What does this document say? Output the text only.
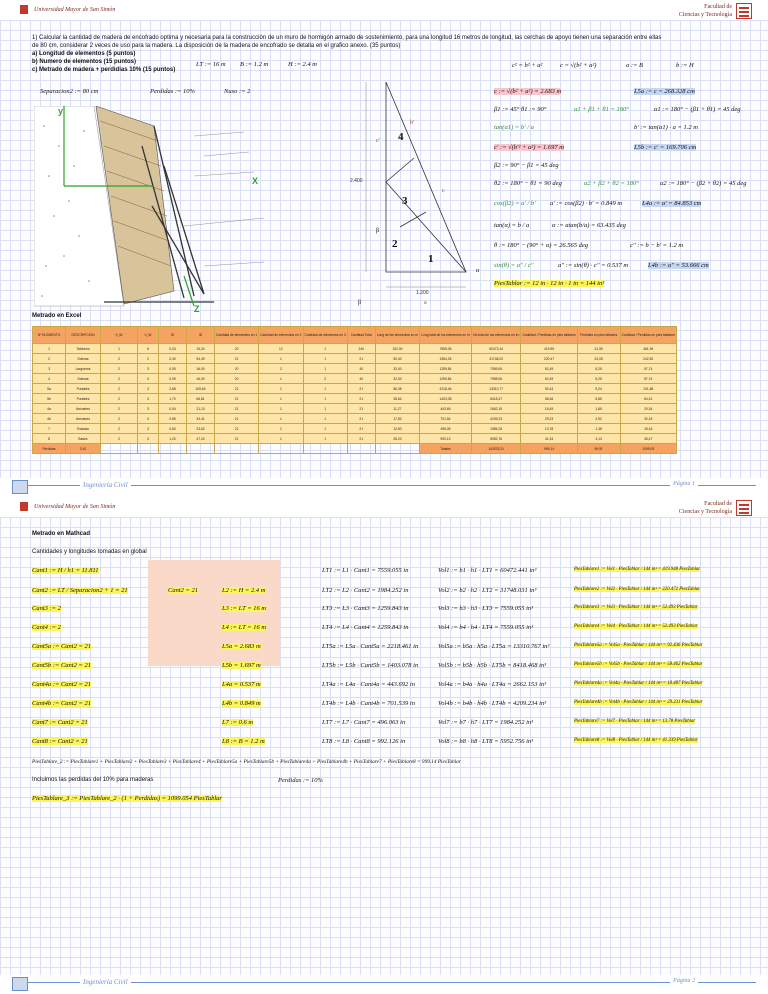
Universidad Mayor de San Simón	Facultad de
Ciencias y Tecnología
1) Calcular la cantidad de madera de encofrado optima y necesaria para la construcción de un muro de hormigón armado de sostenimiento, para una longitud 16 metros de longitud, las cerchas de apoyo tienen una separación entre ellas
de 80 cm, considerar 2 veces de uso para la madera. La disposición de la madera de encofrado se detalla en el grafico anexo. (35 puntos)
a) Longitud de elementos (5 puntos)
b) Numero de elementos (15 puntos)
c) Metrado de madera + perdidias 10% (15 puntos)
LT := 16 m B := 1.2 m	H := 2.4 m
Separacion2 := 80 cm	Perdidas := 10%	Nuso := 2
y
X
Z
2.400
1.200
4
3
2
1
c'
b'
c
a
β
α
β
c² = b² + a²	c = √(b² + a²)	a := B	b := H
c := √(b² + a²) = 2.683 m	L5a := c = 268.328 cm
β1 := 45° θ1 := 90°	α1 + β1 + θ1 = 180°	α1 := 180° − (β1 + θ1) = 45 deg
tan(α1) = b' / a	b' := tan(α1) · a = 1.2 m
c' := √(b'² + a²) = 1.697 m	L5b := c' = 169.706 cm
β2 := 90° − β1 = 45 deg
θ2 := 180° − θ1 = 90 deg	α2 + β2 + θ2 = 180°	α2 := 180° − (β2 + θ2) = 45 deg
cos(β2) = a' / b' a' := cos(β2) · b' = 0.849 m	L4a := a' = 84.853 cm
tan(α) = b / a	α := atan(b/a) = 63.435 deg
θ := 180° − (90° + α) = 26.565 deg	c'' := b − b' = 1.2 m
sin(θ) = a'' / c''	a'' := sin(θ) · c'' = 0.537 m	L4b := a'' = 53.666 cm
PiesTablar := 12 in · 12 in · 1 in = 144 in³
Metrado en Excel
Nº ELEMENTO	DESCRIPCION	h_W	h_W	ID	ID	Cantidad de elementos en 1	Cantidad de elementos en 2	Cantidad de elementos en 3	Cantidad Total	Long de los elementos en m	Long total de los elementos en m	Vol total de los elementos en in³	Cantidad / Perdidas en pies tablares	Perdidas en pies tablares	Cantidad / Perdidas en pies tablares
1	Tablones	1	6	0,03	15,24	20	12	1	240	192,00	7559,06	60472,44	419,95	41,99	461,94
2	Soleras	2	2	2,40	94,49	21	1	1	21	50,40	1984,25	31748,03	220,47	22,05	242,52
3	Largueros	2	3	0,05	16,00	20	2	1	40	32,00	1259,84	7559,06	52,49	5,25	57,74
4	Soleras	2	3	0,05	16,00	20	1	2	40	32,00	1259,84	7559,06	52,49	5,25	57,74
5a	Puntales	2	3	2,68	105,64	21	1	1	21	56,35	2218,46	13310,77	92,44	9,24	101,68
5b	Puntales	2	3	1,70	66,81	21	1	1	21	35,64	1403,08	8418,47	58,46	5,85	64,31
4a	Arriostres	2	3	0,54	21,13	21	1	1	21	11,27	443,69	2662,15	18,49	1,85	20,34
4b	Arriostres	2	3	0,85	33,41	21	1	1	21	17,82	701,54	4209,23	29,23	2,92	32,15
7	Estacas	2	3	0,60	23,62	21	1	1	21	12,60	496,06	1984,25	13,78	1,38	15,16
8	Bases	2	3	1,20	47,24	21	1	1	21	25,20	992,13	5952,76	41,34	4,13	45,47
Perdidas	0,10										Totales	143078,21	999,14	99,91	1099,05
Ingeniería Civil	Página 1
Universidad Mayor de San Simón	Facultad de
Ciencias y Tecnología
Metrado en Mathcad
Cantidades y longitudes tomadas en global
Cant1 := H / h1 = 11.811
Cant2 := LT / Separacion2 + 1 = 21
Cant3 := 2
Cant4 := 2
Cant5a := Cant2 = 21
Cant5b := Cant2 = 21
Cant4a := Cant2 = 21
Cant4b := Cant2 = 21
Cant7 := Cant2 = 21
Cant8 := Cant2 = 21
Cant2 = 21	L2 := H = 2.4 m
L3 := LT = 16 m
L4 := LT = 16 m
L5a = 2.683 m
L5b = 1.697 m
L4a = 0.537 m
L4b = 0.849 m
L7 := 0.6 m
L8 := B = 1.2 m
LT1 := L1 · Cant1 = 7559.055 in
LT2 := L2 · Cant2 = 1984.252 in
LT3 := L3 · Cant3 = 1259.843 in
LT4 := L4 · Cant4 = 1259.843 in
LT5a := L5a · Cant5a = 2218.461 in
LT5b := L5b · Cant5b = 1403.078 in
LT4a := L4a · Cant4a = 443.692 in
LT4b := L4b · Cant4b = 701.539 in
LT7 := L7 · Cant7 = 496.063 in
LT8 := L8 · Cant8 = 992.126 in
Vol1 := b1 · h1 · LT1 = 60472.441 in³
Vol2 := b2 · h2 · LT2 = 31748.031 in³
Vol3 := b3 · h3 · LT3 = 7559.055 in³
Vol4 := b4 · h4 · LT4 = 7559.055 in³
Vol5a := b5a · h5a · LT5a = 13310.767 in³
Vol5b := b5b · h5b · LT5b = 8418.468 in³
Vol4a := b4a · h4a · LT4a = 2662.153 in³
Vol4b := b4b · h4b · LT4b = 4209.234 in³
Vol7 := b7 · h7 · LT7 = 1984.252 in³
Vol8 := b8 · h8 · LT8 = 5952.756 in³
PiesTablare1 := Vol1 · PiesTablar / 144 in³ = 419.948 PiesTablar
PiesTablare2 := Vol2 · PiesTablar / 144 in³ = 220.472 PiesTablar
PiesTablare3 := Vol3 · PiesTablar / 144 in³ = 52.493 PiesTablar
PiesTablare4 := Vol4 · PiesTablar / 144 in³ = 52.493 PiesTablar
PiesTablare5a := Vol5a · PiesTablar / 144 in³ = 92.436 PiesTablar
PiesTablare5b := Vol5b · PiesTablar / 144 in³ = 58.462 PiesTablar
PiesTablare4a := Vol4a · PiesTablar / 144 in³ = 18.487 PiesTablar
PiesTablare4b := Vol4b · PiesTablar / 144 in³ = 29.231 PiesTablar
PiesTablare7 := Vol7 · PiesTablar / 144 in³ = 13.78 PiesTablar
PiesTablare8 := Vol8 · PiesTablar / 144 in³ = 41.339 PiesTablar
PiesTablare_2 := PiesTablare1 + PiesTablare2 + PiesTablare3 + PiesTablare4 + PiesTablare5a + PiesTablare5b + PiesTablare4a + PiesTablare4b + PiesTablare7 + PiesTablare8 = 999.14 PiesTablar
Incluimos las perdidas del 10% para maderas	Perdidas := 10%
PiesTablare_3 := PiesTablare_2 · (1 + Perdidas) = 1099.054 PiesTablar
Ingeniería Civil	Página 2
